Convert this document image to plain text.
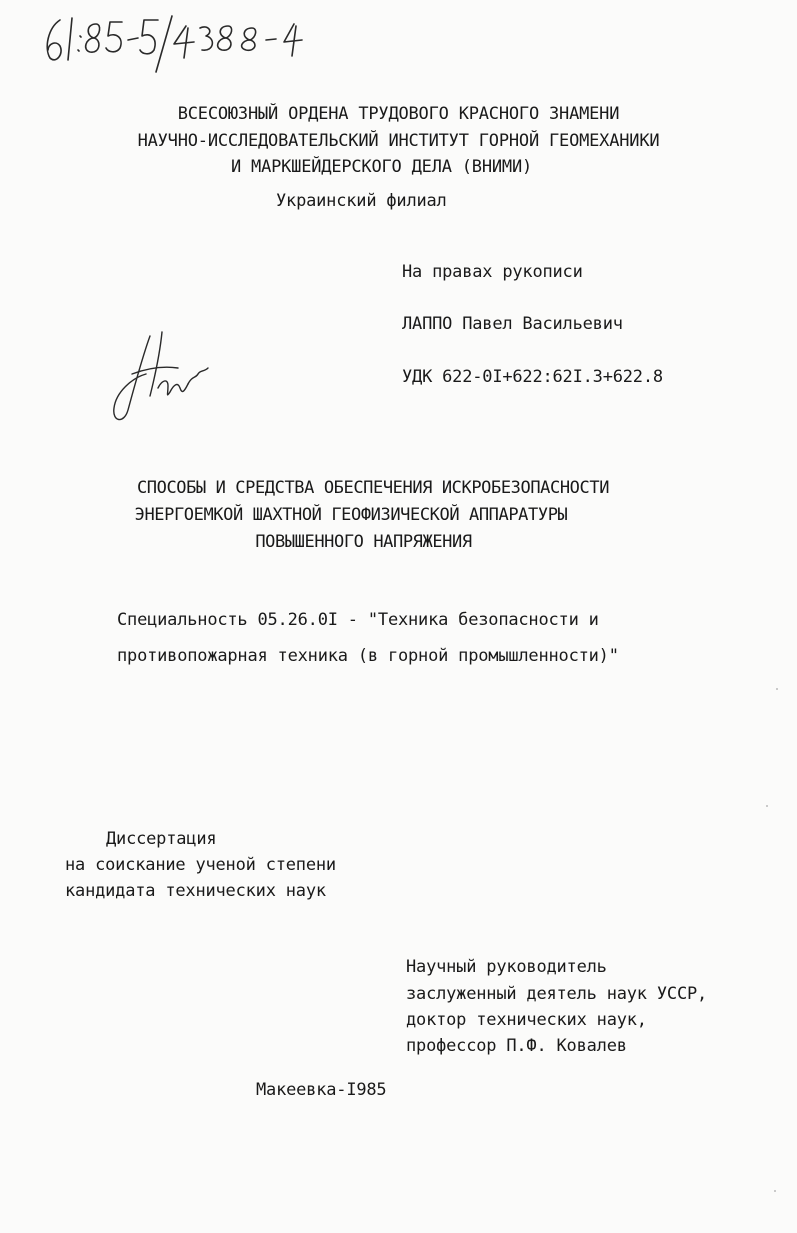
ВСЕСОЮЗНЫЙ ОРДЕНА ТРУДОВОГО КРАСНОГО ЗНАМЕНИ
НАУЧНО-ИССЛЕДОВАТЕЛЬСКИЙ ИНСТИТУТ ГОРНОЙ ГЕОМЕХАНИКИ
И МАРКШЕЙДЕРСКОГО ДЕЛА (ВНИМИ)
Украинский филиал
На правах рукописи
ЛАППО Павел Васильевич
УДК 622-0I+622:62I.3+622.8
СПОСОБЫ И СРЕДСТВА ОБЕСПЕЧЕНИЯ ИСКРОБЕЗОПАСНОСТИ
ЭНЕРГОЕМКОЙ ШАХТНОЙ ГЕОФИЗИЧЕСКОЙ АППАРАТУРЫ
ПОВЫШЕННОГО НАПРЯЖЕНИЯ
Специальность 05.26.0I - "Техника безопасности и
противопожарная техника (в горной промышленности)"
Диссертация
на соискание ученой степени
кандидата технических наук
Научный руководитель
заслуженный деятель наук УССР,
доктор технических наук,
профессор П.Ф. Ковалев
Макеевка-I985
